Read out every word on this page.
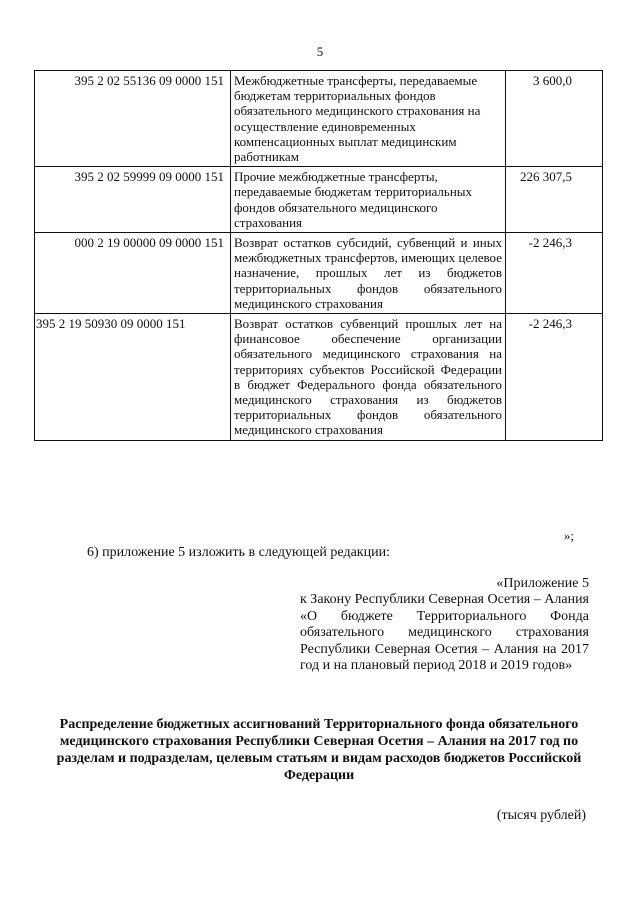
5
395 2 02 55136 09 0000 151	Межбюджетные трансферты, передаваемые бюджетам территориальных фондов обязательного медицинского страхования на осуществление единовременных компенсационных выплат медицинским работникам	3 600,0
395 2 02 59999 09 0000 151	Прочие межбюджетные трансферты, передаваемые бюджетам территориальных фондов обязательного медицинского страхования	226 307,5
000 2 19 00000 09 0000 151	Возврат остатков субсидий, субвенций и иных межбюджетных трансфертов, имеющих целевое назначение, прошлых лет из бюджетов территориальных фондов обязательного медицинского страхования	-2 246,3
395 2 19 50930 09 0000 151	Возврат остатков субвенций прошлых лет на финансовое обеспечение организации обязательного медицинского страхования на территориях субъектов Российской Федерации в бюджет Федерального фонда обязательного медицинского страхования из бюджетов территориальных фондов обязательного медицинского страхования	-2 246,3
»;
6) приложение 5 изложить в следующей редакции:
«Приложение 5
к Закону Республики Северная Осетия – Алания «О бюджете Территориального Фонда обязательного медицинского страхования Республики Северная Осетия – Алания на 2017 год и на плановый период 2018 и 2019 годов»
Распределение бюджетных ассигнований Территориального фонда обязательного медицинского страхования Республики Северная Осетия – Алания на 2017 год по разделам и подразделам, целевым статьям и видам расходов бюджетов Российской Федерации
(тысяч рублей)
